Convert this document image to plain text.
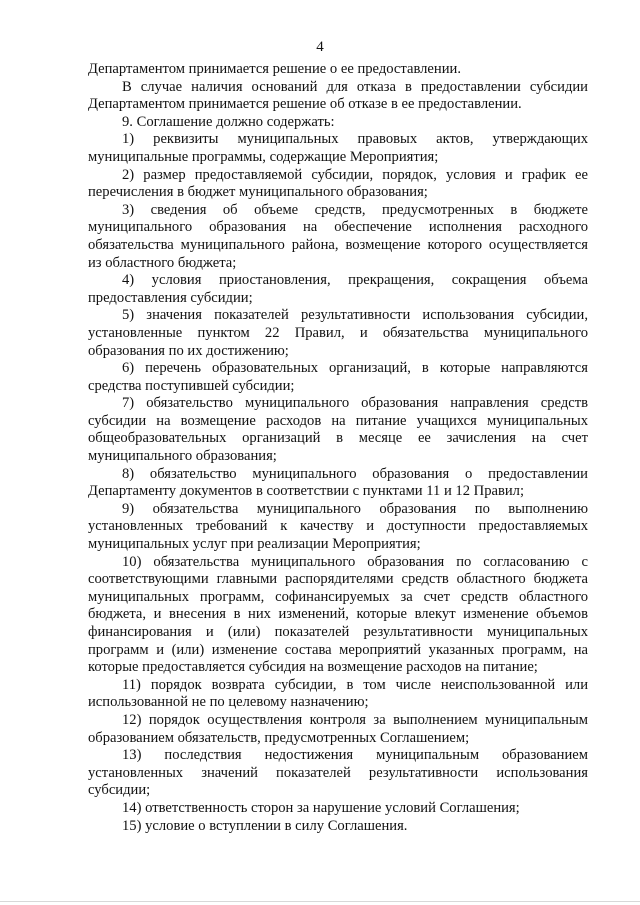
4

Департаментом принимается решение о ее предоставлении.

В случае наличия оснований для отказа в предоставлении субсидии Департаментом принимается решение об отказе в ее предоставлении.

9. Соглашение должно содержать:

1) реквизиты муниципальных правовых актов, утверждающих муниципальные программы, содержащие Мероприятия;

2) размер предоставляемой субсидии, порядок, условия и график ее перечисления в бюджет муниципального образования;

3) сведения об объеме средств, предусмотренных в бюджете муниципального образования на обеспечение исполнения расходного обязательства муниципального района, возмещение которого осуществляется из областного бюджета;

4) условия приостановления, прекращения, сокращения объема предоставления субсидии;

5) значения показателей результативности использования субсидии, установленные пунктом 22 Правил, и обязательства муниципального образования по их достижению;

6) перечень образовательных организаций, в которые направляются средства поступившей субсидии;

7) обязательство муниципального образования направления средств субсидии на возмещение расходов на питание учащихся муниципальных общеобразовательных организаций в месяце ее зачисления на счет муниципального образования;

8) обязательство муниципального образования о предоставлении Департаменту документов в соответствии с пунктами 11 и 12 Правил;

9) обязательства муниципального образования по выполнению установленных требований к качеству и доступности предоставляемых муниципальных услуг при реализации Мероприятия;

10) обязательства муниципального образования по согласованию с соответствующими главными распорядителями средств областного бюджета муниципальных программ, софинансируемых за счет средств областного бюджета, и внесения в них изменений, которые влекут изменение объемов финансирования и (или) показателей результативности муниципальных программ и (или) изменение состава мероприятий указанных программ, на которые предоставляется субсидия на возмещение расходов на питание;

11) порядок возврата субсидии, в том числе неиспользованной или использованной не по целевому назначению;

12) порядок осуществления контроля за выполнением муниципальным образованием обязательств, предусмотренных Соглашением;

13) последствия недостижения муниципальным образованием установленных значений показателей результативности использования субсидии;

14) ответственность сторон за нарушение условий Соглашения;

15) условие о вступлении в силу Соглашения.
